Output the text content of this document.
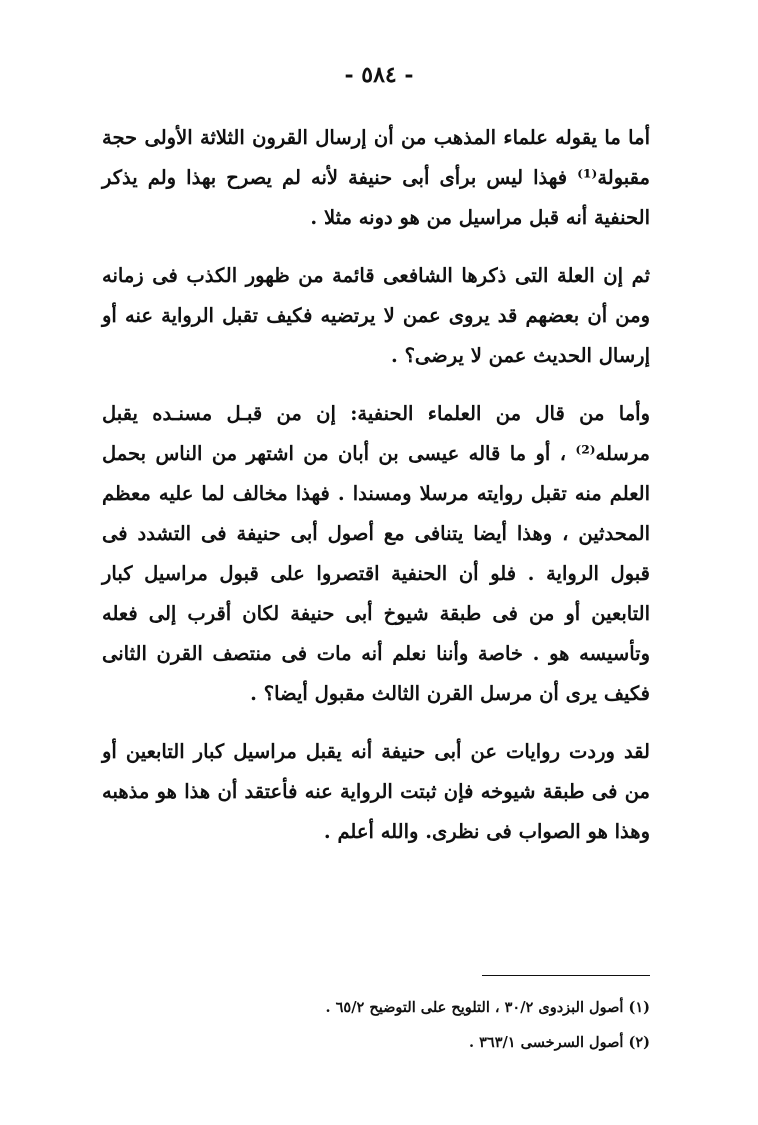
- ٥٨٤ -

أما ما يقوله علماء المذهب من أن إرسال القرون الثلاثة الأولى حجة مقبولة⁽¹⁾ فهذا ليس برأى أبى حنيفة لأنه لم يصرح بهذا ولم يذكر الحنفية أنه قبل مراسيل من هو دونه مثلا .

ثم إن العلة التى ذكرها الشافعى قائمة من ظهور الكذب فى زمانه ومن أن بعضهم قد يروى عمن لا يرتضيه فكيف تقبل الرواية عنه أو إرسال الحديث عمن لا يرضى؟ .

وأما من قال من العلماء الحنفية: إن من قبـل مسنـده يقبل مرسله⁽²⁾ ، أو ما قاله عيسى بن أبان من اشتهر من الناس بحمل العلم منه تقبل روايته مرسلا ومسندا . فهذا مخالف لما عليه معظم المحدثين ، وهذا أيضا يتنافى مع أصول أبى حنيفة فى التشدد فى قبول الرواية . فلو أن الحنفية اقتصروا على قبول مراسيل كبار التابعين أو من فى طبقة شيوخ أبى حنيفة لكان أقرب إلى فعله وتأسيسه هو . خاصة وأننا نعلم أنه مات فى منتصف القرن الثانى فكيف يرى أن مرسل القرن الثالث مقبول أيضا؟ .

لقد وردت روايات عن أبى حنيفة أنه يقبل مراسيل كبار التابعين أو من فى طبقة شيوخه فإن ثبتت الرواية عنه فأعتقد أن هذا هو مذهبه وهذا هو الصواب فى نظرى. والله أعلم .

(١) أصول البزدوى ٣٠/٢ ، التلويح على التوضيح ٦٥/٢ .

(٢) أصول السرخسى ٣٦٣/١ .
